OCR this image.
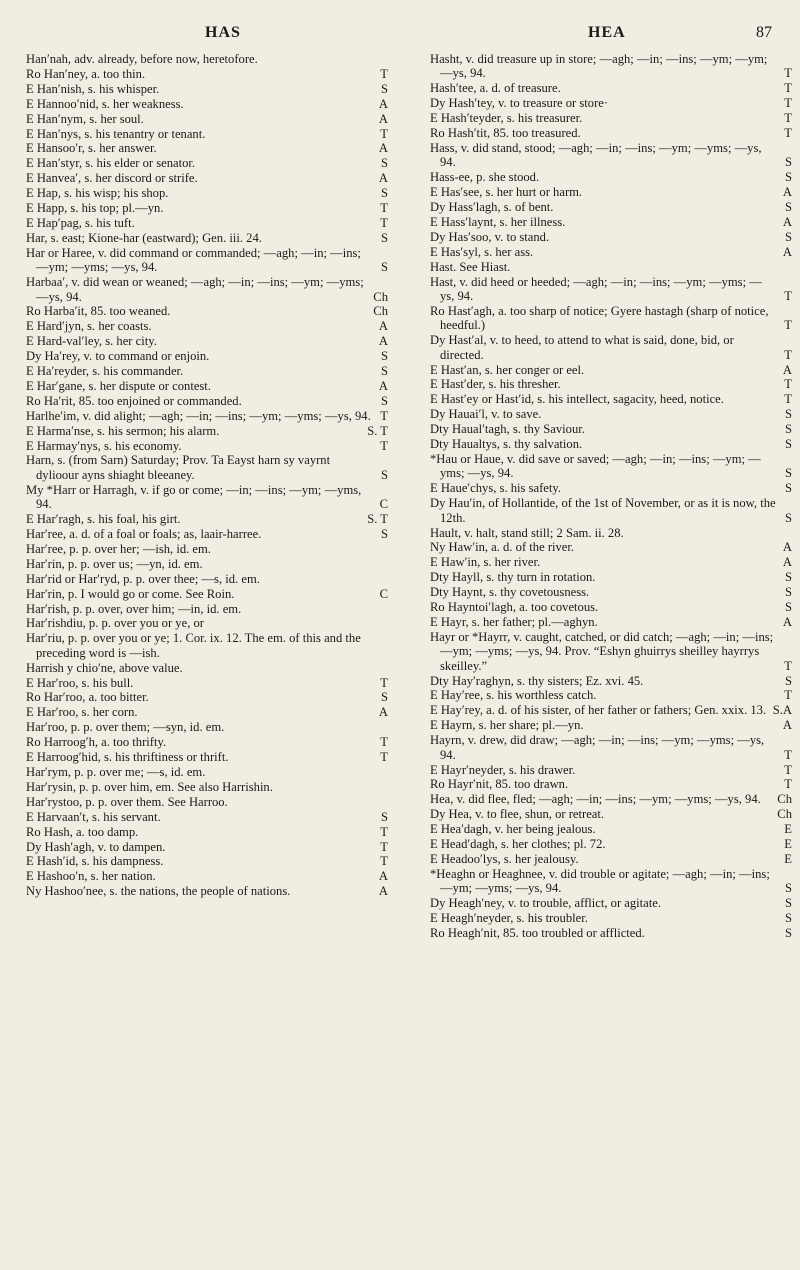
HAS	HEA	87
Han′nah, adv. already, before now, heretofore.
Ro Han′ney, a. too thin.	T
E Han′nish, s. his whisper.	S
E Hannoo′nid, s. her weakness.	A
E Han′nym, s. her soul.	A
E Han′nys, s. his tenantry or tenant.	T
E Hansoo′r, s. her answer.	A
E Han′styr, s. his elder or senator.	S
E Hanvea′, s. her discord or strife.	A
E Hap, s. his wisp; his shop.	S
E Happ, s. his top; pl.—yn.	T
E Hap′pag, s. his tuft.	T
Har, s. east; Kione-har (eastward); Gen. iii. 24.	S
Har or Haree, v. did command or commanded; —agh; —in; —ins; —ym; —yms; —ys, 94.	S
Harbaa′, v. did wean or weaned; —agh; —in; —ins; —ym; —yms; —ys, 94.	Ch
Ro Harba′it, 85. too weaned.	Ch
E Hard′jyn, s. her coasts.	A
E Hard-val′ley, s. her city.	A
Dy Ha′rey, v. to command or enjoin.	S
E Ha′reyder, s. his commander.	S
E Har′gane, s. her dispute or contest.	A
Ro Ha′rit, 85. too enjoined or commanded.	S
Harlhe′im, v. did alight; —agh; —in; —ins; —ym; —yms; —ys, 94. T
E Harma′nse, s. his sermon; his alarm.	S. T
E Harmay′nys, s. his economy.	T
Harn, s. (from Sarn) Saturday; Prov. Ta Eayst harn sy vayrnt dylioour ayns shiaght bleeaney.	S
My *Harr or Harragh, v. if go or come; —in; —ins; —ym; —yms, 94.	C
E Har′ragh, s. his foal, his girt.	S. T
Har′ree, a. d. of a foal or foals; as, laair-harree.	S
Har′ree, p. p. over her; —ish, id. em.
Har′rin, p. p. over us; —yn, id. em.
Har′rid or Har′ryd, p. p. over thee; —s, id. em.
Har′rin, p. I would go or come. See Roin.	C
Har′rish, p. p. over, over him; —in, id. em.
Har′rishdiu, p. p. over you or ye, or
Har′riu, p. p. over you or ye; 1. Cor. ix. 12. The em. of this and the preceding word is —ish.
Harrish y chio′ne, above value.
E Har′roo, s. his bull.	T
Ro Har′roo, a. too bitter.	S
E Har′roo, s. her corn.	A
Har′roo, p. p. over them; —syn, id. em.
Ro Harroog′h, a. too thrifty.	T
E Harroog′hid, s. his thriftiness or thrift.	T
Har′rym, p. p. over me; —s, id. em.
Har′rysin, p. p. over him, em. See also Harrishin.
Har′rystoo, p. p. over them. See Harroo.
E Harvaan′t, s. his servant.	S
Ro Hash, a. too damp.	T
Dy Hash′agh, v. to dampen.	T
E Hash′id, s. his dampness.	T
E Hashoo′n, s. her nation.	A
Ny Hashoo′nee, s. the nations, the people of nations.	A
Hasht, v. did treasure up in store; —agh; —in; —ins; —ym; —ym; —ys, 94.	T
Hash′tee, a. d. of treasure.	T
Dy Hash′tey, v. to treasure or store·	T
E Hash′teyder, s. his treasurer.	T
Ro Hash′tit, 85. too treasured.	T
Hass, v. did stand, stood; —agh; —in; —ins; —ym; —yms; —ys, 94.	S
Hass-ee, p. she stood.	S
E Has′see, s. her hurt or harm.	A
Dy Hass′lagh, s. of bent.	S
E Hass′laynt, s. her illness.	A
Dy Has′soo, v. to stand.	S
E Has′syl, s. her ass.	A
Hast. See Hiast.
Hast, v. did heed or heeded; —agh; —in; —ins; —ym; —yms; —ys, 94.	T
Ro Hast′agh, a. too sharp of notice; Gyere hastagh (sharp of notice, heedful.)	T
Dy Hast′al, v. to heed, to attend to what is said, done, bid, or directed.	T
E Hast′an, s. her conger or eel.	A
E Hast′der, s. his thresher.	T
E Hast′ey or Hast′id, s. his intellect, sagacity, heed, notice.	T
Dy Hauai′l, v. to save.	S
Dty Haual′tagh, s. thy Saviour.	S
Dty Haualtys, s. thy salvation.	S
*Hau or Haue, v. did save or saved; —agh; —in; —ins; —ym; —yms; —ys, 94.	S
E Haue′chys, s. his safety.	S
Dy Hau′in, of Hollantide, of the 1st of November, or as it is now, the 12th.	S
Hault, v. halt, stand still; 2 Sam. ii. 28.
Ny Haw′in, a. d. of the river.	A
E Haw′in, s. her river.	A
Dty Hayll, s. thy turn in rotation.	S
Dty Haynt, s. thy covetousness.	S
Ro Hayntoi′lagh, a. too covetous.	S
E Hayr, s. her father; pl.—aghyn.	A
Hayr or *Hayrr, v. caught, catched, or did catch; —agh; —in; —ins; —ym; —yms; —ys, 94. Prov. “Eshyn ghuirrys sheilley hayrrys skeilley.”	T
Dty Hay′raghyn, s. thy sisters; Ez. xvi. 45.	S
E Hay′ree, s. his worthless catch.	T
E Hay′rey, a. d. of his sister, of her father or fathers; Gen. xxix. 13. S.A
E Hayrn, s. her share; pl.—yn.	A
Hayrn, v. drew, did draw; —agh; —in; —ins; —ym; —yms; —ys, 94.	T
E Hayr′neyder, s. his drawer.	T
Ro Hayr′nit, 85. too drawn.	T
Hea, v. did flee, fled; —agh; —in; —ins; —ym; —yms; —ys, 94. Ch
Dy Hea, v. to flee, shun, or retreat.	Ch
E Hea′dagh, v. her being jealous.	E
E Head′dagh, s. her clothes; pl. 72.	E
E Headoo′lys, s. her jealousy.	E
*Heaghn or Heaghnee, v. did trouble or agitate; —agh; —in; —ins; —ym; —yms; —ys, 94.	S
Dy Heagh′ney, v. to trouble, afflict, or agitate.	S
E Heagh′neyder, s. his troubler.	S
Ro Heagh′nit, 85. too troubled or afflicted.	S
